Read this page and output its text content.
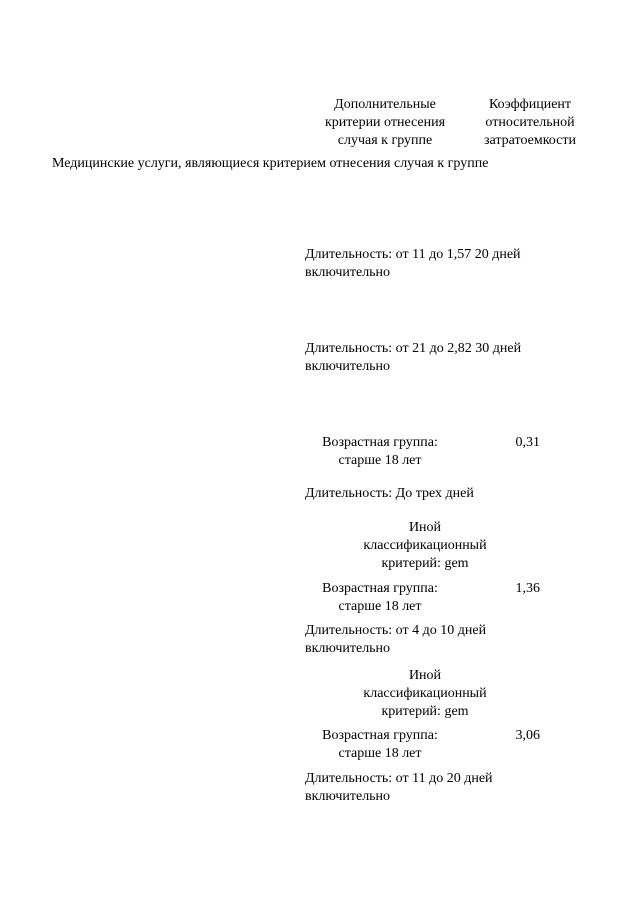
Дополнительные
критерии отнесения
случая к группе
Коэффициент
относительной
затратоемкости
Медицинские услуги, являющиеся критерием отнесения случая к группе
Длительность: от 11 до 1,57 20 дней
включительно
Длительность: от 21 до 2,82 30 дней
включительно
Возрастная группа:
старше 18 лет
0,31
Длительность: До трех дней
Иной
классификационный
критерий: gem
Возрастная группа:
старше 18 лет
1,36
Длительность: от 4 до 10 дней
включительно
Иной
классификационный
критерий: gem
Возрастная группа:
старше 18 лет
3,06
Длительность: от 11 до 20 дней
включительно
